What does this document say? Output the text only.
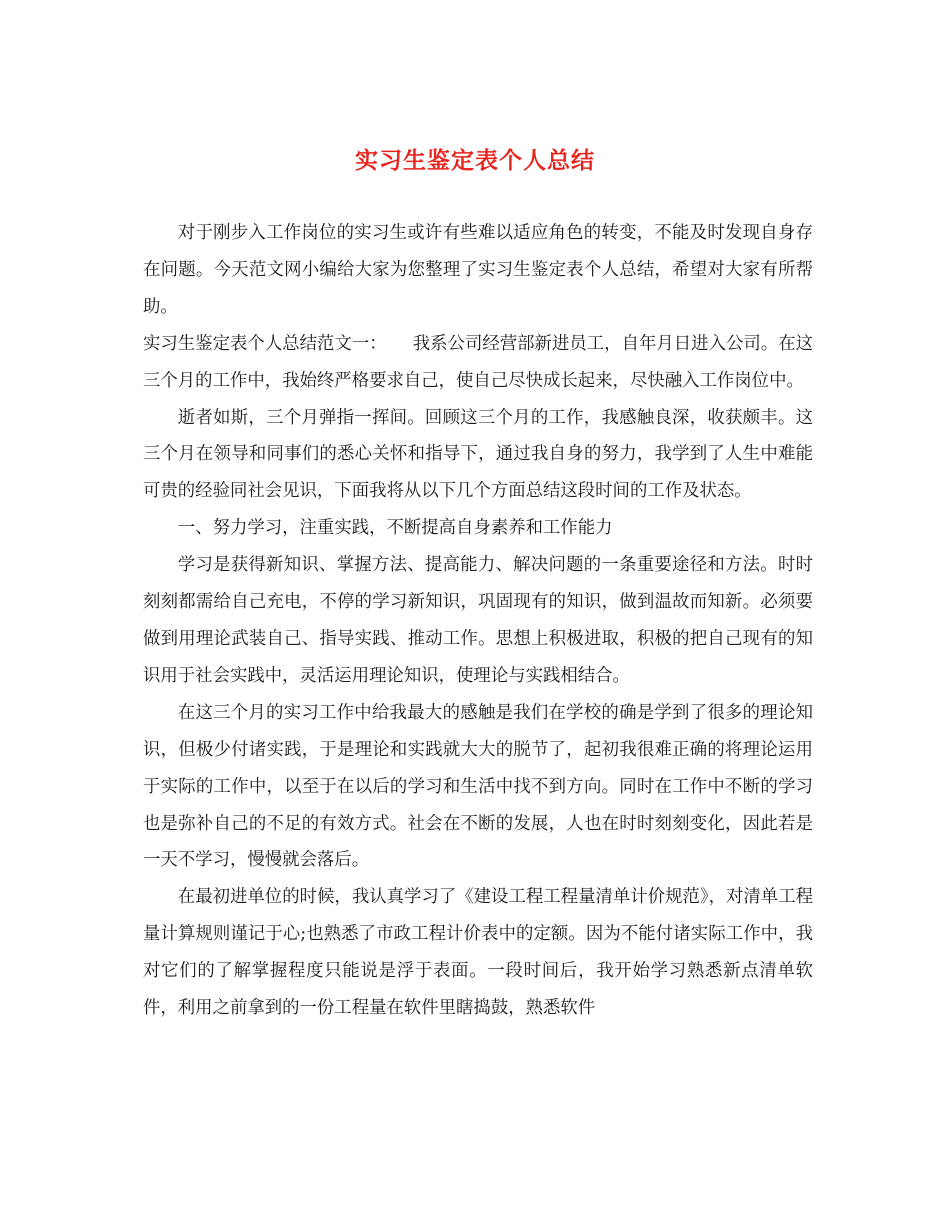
实习生鉴定表个人总结

对于刚步入工作岗位的实习生或许有些难以适应角色的转变，不能及时发现自身存在问题。今天范文网小编给大家为您整理了实习生鉴定表个人总结，希望对大家有所帮助。

实习生鉴定表个人总结范文一：　　我系公司经营部新进员工，自年月日进入公司。在这三个月的工作中，我始终严格要求自己，使自己尽快成长起来，尽快融入工作岗位中。

逝者如斯，三个月弹指一挥间。回顾这三个月的工作，我感触良深，收获颇丰。这三个月在领导和同事们的悉心关怀和指导下，通过我自身的努力，我学到了人生中难能可贵的经验同社会见识，下面我将从以下几个方面总结这段时间的工作及状态。

一、努力学习，注重实践，不断提高自身素养和工作能力

学习是获得新知识、掌握方法、提高能力、解决问题的一条重要途径和方法。时时刻刻都需给自己充电，不停的学习新知识，巩固现有的知识，做到温故而知新。必须要做到用理论武装自己、指导实践、推动工作。思想上积极进取，积极的把自己现有的知识用于社会实践中，灵活运用理论知识，使理论与实践相结合。

在这三个月的实习工作中给我最大的感触是我们在学校的确是学到了很多的理论知识，但极少付诸实践，于是理论和实践就大大的脱节了，起初我很难正确的将理论运用于实际的工作中，以至于在以后的学习和生活中找不到方向。同时在工作中不断的学习也是弥补自己的不足的有效方式。社会在不断的发展，人也在时时刻刻变化，因此若是一天不学习，慢慢就会落后。

在最初进单位的时候，我认真学习了《建设工程工程量清单计价规范》，对清单工程量计算规则谨记于心;也熟悉了市政工程计价表中的定额。因为不能付诸实际工作中，我对它们的了解掌握程度只能说是浮于表面。一段时间后，我开始学习熟悉新点清单软件，利用之前拿到的一份工程量在软件里瞎捣鼓，熟悉软件
